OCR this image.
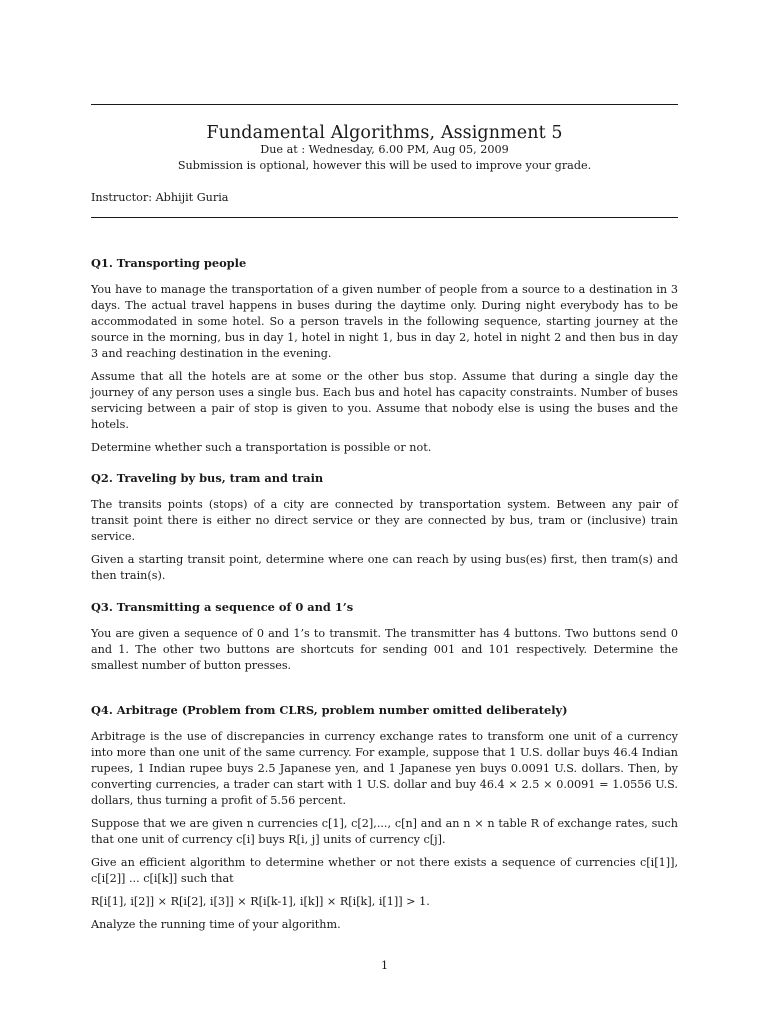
Fundamental Algorithms, Assignment 5
Due at : Wednesday, 6.00 PM, Aug 05, 2009
Submission is optional, however this will be used to improve your grade.
Instructor: Abhijit Guria
Q1. Transporting people

You have to manage the transportation of a given number of people from a source to a destination in 3 days. The actual travel happens in buses during the daytime only. During night everybody has to be accommodated in some hotel. So a person travels in the following sequence, starting journey at the source in the morning, bus in day 1, hotel in night 1, bus in day 2, hotel in night 2 and then bus in day 3 and reaching destination in the evening.

Assume that all the hotels are at some or the other bus stop. Assume that during a single day the journey of any person uses a single bus. Each bus and hotel has capacity constraints. Number of buses servicing between a pair of stop is given to you. Assume that nobody else is using the buses and the hotels.

Determine whether such a transportation is possible or not.

Q2. Traveling by bus, tram and train

The transits points (stops) of a city are connected by transportation system. Between any pair of transit point there is either no direct service or they are connected by bus, tram or (inclusive) train service.

Given a starting transit point, determine where one can reach by using bus(es) first, then tram(s) and then train(s).

Q3. Transmitting a sequence of 0 and 1’s

You are given a sequence of 0 and 1’s to transmit. The transmitter has 4 buttons. Two buttons send 0 and 1. The other two buttons are shortcuts for sending 001 and 101 respectively. Determine the smallest number of button presses.

Q4. Arbitrage (Problem from CLRS, problem number omitted deliberately)

Arbitrage is the use of discrepancies in currency exchange rates to transform one unit of a currency into more than one unit of the same currency. For example, suppose that 1 U.S. dollar buys 46.4 Indian rupees, 1 Indian rupee buys 2.5 Japanese yen, and 1 Japanese yen buys 0.0091 U.S. dollars. Then, by converting currencies, a trader can start with 1 U.S. dollar and buy 46.4 × 2.5 × 0.0091 = 1.0556 U.S. dollars, thus turning a profit of 5.56 percent.

Suppose that we are given n currencies c[1], c[2],..., c[n] and an n × n table R of exchange rates, such that one unit of currency c[i] buys R[i, j] units of currency c[j].

Give an efficient algorithm to determine whether or not there exists a sequence of currencies c[i[1]], c[i[2]] ... c[i[k]] such that

R[i[1], i[2]] × R[i[2], i[3]] × R[i[k-1], i[k]] × R[i[k], i[1]] > 1.

Analyze the running time of your algorithm.

1
